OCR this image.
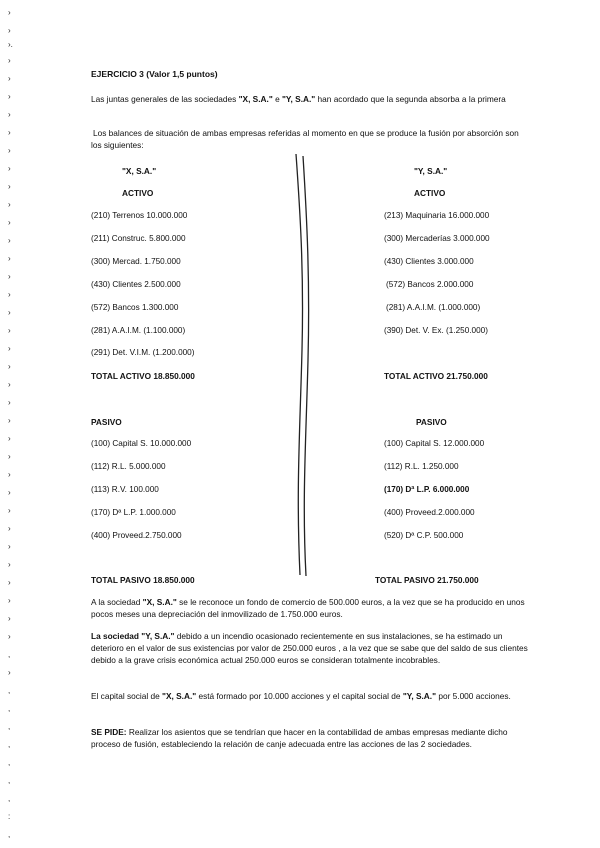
›
›
›.
›
›
›
›
›
›
›
›
›
›
›
›
›
›
›
›
›
›
›
›
›
›
›
›
›
›
›
›
›
›
›
›
›
,
›
,
,
,
,
,
,
,
:
,
EJERCICIO 3 (Valor 1,5 puntos)
Las juntas generales de las sociedades "X, S.A." e "Y, S.A." han acordado que la segunda absorba a la primera
Los balances de situación de ambas empresas referidas al momento en que se produce la fusión por absorción son los siguientes:
"X, S.A."
ACTIVO
(210) Terrenos 10.000.000
(211) Construc. 5.800.000
(300) Mercad. 1.750.000
(430) Clientes 2.500.000
(572) Bancos 1.300.000
(281) A.A.I.M. (1.100.000)
(291) Det. V.I.M. (1.200.000)
TOTAL ACTIVO 18.850.000
"Y, S.A."
ACTIVO
(213) Maquinaria 16.000.000
(300) Mercaderías 3.000.000
(430) Clientes 3.000.000
(572) Bancos 2.000.000
(281) A.A.I.M. (1.000.000)
(390) Det. V. Ex. (1.250.000)
TOTAL ACTIVO 21.750.000
PASIVO	PASIVO
(100) Capital S. 10.000.000
(112) R.L. 5.000.000
(113) R.V. 100.000
(170) Dª L.P. 1.000.000
(400) Proveed.2.750.000
(100) Capital S. 12.000.000
(112) R.L. 1.250.000
(170) Dª L.P. 6.000.000
(400) Proveed.2.000.000
(520) Dª C.P. 500.000
TOTAL PASIVO 18.850.000	TOTAL PASIVO 21.750.000
A la sociedad "X, S.A." se le reconoce un fondo de comercio de 500.000 euros, a la vez que se ha producido en unos pocos meses una depreciación del inmovilizado de 1.750.000 euros.
La sociedad "Y, S.A." debido a un incendio ocasionado recientemente en sus instalaciones, se ha estimado un deterioro en el valor de sus existencias por valor de 250.000 euros , a la vez que se sabe que del saldo de sus clientes debido a la grave crisis económica actual 250.000 euros se consideran totalmente incobrables.
El capital social de "X, S.A." está formado por 10.000 acciones y el capital social de "Y, S.A." por 5.000 acciones.
SE PIDE: Realizar los asientos que se tendrían que hacer en la contabilidad de ambas empresas mediante dicho proceso de fusión, estableciendo la relación de canje adecuada entre las acciones de las 2 sociedades.
